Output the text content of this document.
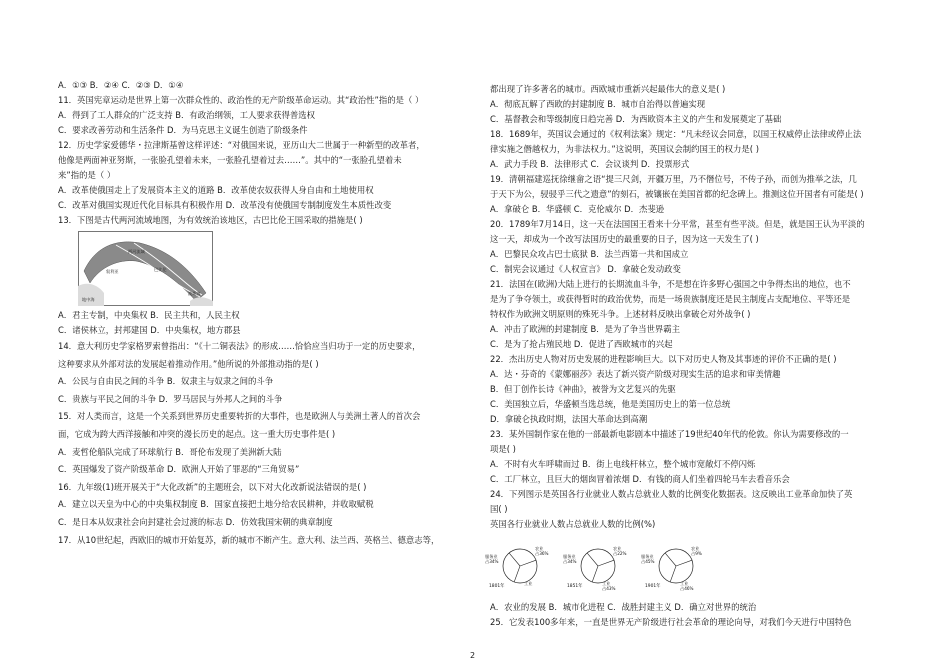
A．①③ B．②④ C．②③ D．①④
11．英国宪章运动是世界上第一次群众性的、政治性的无产阶级革命运动。其“政治性”指的是（ ）
A．得到了工人群众的广泛支持 B．有政治纲领，工人要求获得普选权
C．要求改善劳动和生活条件 D．为马克思主义诞生创造了阶级条件
12．历史学家爱德华・拉津斯基曾这样评述：“对俄国来说，亚历山大二世属于一种新型的改革者，
他像是两面神亚努斯，一张脸孔望着未来，一张脸孔望着过去……”。其中的“一张脸孔望着未
来”指的是（ ）
A．改革使俄国走上了发展资本主义的道路 B．改革使农奴获得人身自由和土地使用权
C．改革对俄国实现近代化目标具有积极作用 D．改革没有使俄国专制制度发生本质性改变
13．下图是古代两河流域地图，为有效统治该地区，古巴比伦王国采取的措施是( )
地中海
叙利亚	巴比伦
波斯湾
两河流域
A．君主专制，中央集权 B．民主共和，人民主权
C．诸侯林立，封邦建国 D．中央集权，地方郡县
14．意大利历史学家格罗索曾指出：“《十二铜表法》的形成……恰恰应当归功于一定的历史要求，
这种要求从外部对法的发展起着推动作用。”他所说的外部推动指的是( )
A．公民与自由民之间的斗争 B．奴隶主与奴隶之间的斗争
C．贵族与平民之间的斗争 D．罗马居民与外邦人之间的斗争
15．对人类而言，这是一个关系到世界历史重要转折的大事件，也是欧洲人与美洲土著人的首次会
面，它成为跨大西洋接触和冲突的漫长历史的起点。这一重大历史事件是( )
A．麦哲伦船队完成了环球航行 B．哥伦布发现了美洲新大陆
C．英国爆发了资产阶级革命 D．欧洲人开始了罪恶的“三角贸易”
16．九年级(1)班开展关于“大化改新”的主题班会，以下对大化改新说法错误的是( )
A．建立以天皇为中心的中央集权制度 B．国家直接把土地分给农民耕种，并收取赋税
C．是日本从奴隶社会向封建社会过渡的标志 D．仿效我国宋朝的典章制度
17．从10世纪起，西欧旧的城市开始复苏，新的城市不断产生。意大利、法兰西、英格兰、德意志等，
都出现了许多著名的城市。西欧城市重新兴起最伟大的意义是( )
A．彻底瓦解了西欧的封建制度 B．城市自治得以普遍实现
C．基督教会和等级制度日趋完善 D．为西欧资本主义的产生和发展奠定了基础
18．1689年，英国议会通过的《权利法案》规定：“凡未经议会同意，以国王权威停止法律或停止法
律实施之僭越权力，为非法权力。”这说明，英国议会制约国王的权力是( )
A．武力手段 B．法律形式 C．会议谈判 D．投票形式
19．清朝福建巡抚徐继畲之语“提三尺剑，开疆万里，乃不僭位号，不传子孙，而创为推举之法，几
于天下为公，骎骎乎三代之遗意”的刻石，被镶嵌在美国首都的纪念碑上。推测这位开国者有可能是( )
A．拿破仑 B．华盛顿 C．克伦威尔 D．杰斐逊
20．1789年7月14日，这一天在法国国王看来十分平常，甚至有些平淡。但是，就是国王认为平淡的
这一天，却成为一个改写法国历史的最重要的日子，因为这一天发生了( )
A．巴黎民众攻占巴士底狱 B．法兰西第一共和国成立
C．制宪会议通过《人权宣言》 D．拿破仑发动政变
21．法国在(欧洲)大陆上进行的长期流血斗争，不是想在许多野心强国之中争得杰出的地位，也不
是为了争夺领土，或获得暂时的政治优势，而是一场贵族制度还是民主制度占支配地位、平等还是
特权作为欧洲文明原则的殊死斗争。上述材料反映出拿破仑对外战争( )
A．冲击了欧洲的封建制度 B．是为了争当世界霸主
C．是为了抢占殖民地 D．促进了西欧城市的兴起
22．杰出历史人物对历史发展的进程影响巨大。以下对历史人物及其事迹的评价不正确的是( )
A．达・芬奇的《蒙娜丽莎》表达了新兴资产阶级对现实生活的追求和审美情趣
B．但丁创作长诗《神曲》，被誉为文艺复兴的先驱
C．美国独立后，华盛顿当选总统，他是美国历史上的第一位总统
D．拿破仑执政时期，法国大革命达到高潮
23．某外国制作家在他的一部最新电影剧本中描述了19世纪40年代的伦敦。你认为需要修改的一
项是( )
A．不时有火车呼啸而过 B．街上电线杆林立，整个城市宽敞灯不停闪烁
C．工厂林立，且巨大的烟囱冒着浓烟 D．有钱的商人们坐着四轮马车去看音乐会
24．下列图示是英国各行业就业人数占总就业人数的比例变化数据表。这反映出工业革命加快了英
国( )
英国各行业就业人数占总就业人数的比例(%)
服务业
占34%
农业
占36%
工业
1801年
服务业
占34%
农业
占22%
工业
占43%
1851年
服务业
占45%
农业
占9%
工业
占46%
1901年
A．农业的发展 B．城市化进程 C．战胜封建主义 D．确立对世界的统治
25．它发表100多年来，一直是世界无产阶级进行社会革命的理论向导，对我们今天进行中国特色
2
